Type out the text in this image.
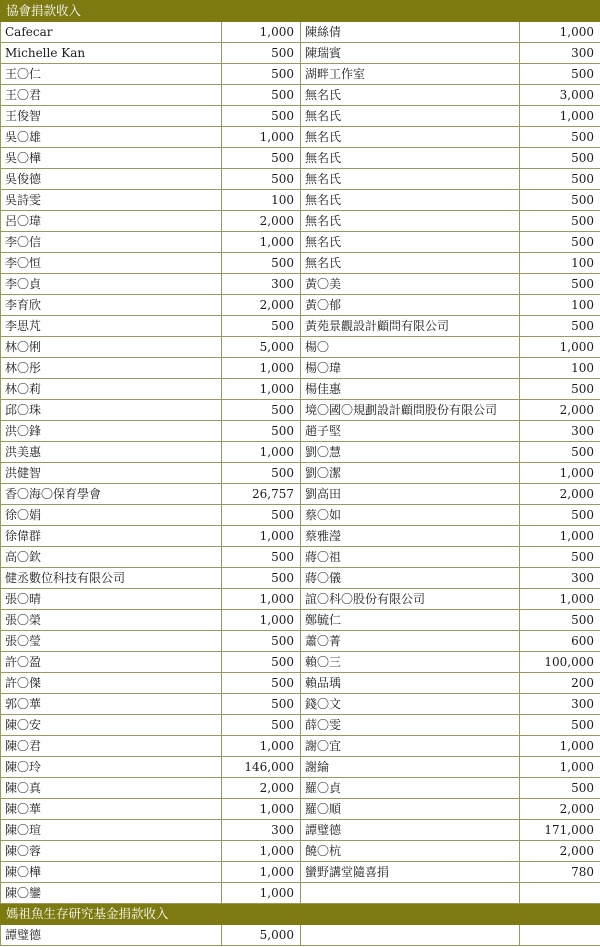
協會捐款收入			
Cafecar	1,000	陳絲倩	1,000
Michelle Kan	500	陳瑞賓	300
王〇仁	500	湖畔工作室	500
王〇君	500	無名氏	3,000
王俊智	500	無名氏	1,000
吳〇雄	1,000	無名氏	500
吳〇樺	500	無名氏	500
吳俊德	500	無名氏	500
吳詩雯	100	無名氏	500
呂〇瑋	2,000	無名氏	500
李〇信	1,000	無名氏	500
李〇恒	500	無名氏	100
李〇貞	300	黃〇美	500
李育欣	2,000	黃〇郁	100
李思芃	500	黃苑景觀設計顧問有限公司	500
林〇俐	5,000	楊〇	1,000
林〇彤	1,000	楊〇瑋	100
林〇莉	1,000	楊佳惠	500
邱〇珠	500	境〇國〇規劃設計顧問股份有限公司	2,000
洪〇鋒	500	趙子堅	300
洪美惠	1,000	劉〇慧	500
洪健智	500	劉〇潔	1,000
香〇海〇保育學會	26,757	劉高田	2,000
徐〇娟	500	蔡〇如	500
徐偉群	1,000	蔡雅瀅	1,000
高〇欽	500	蔣〇祖	500
健丞數位科技有限公司	500	蔣〇儀	300
張〇晴	1,000	誼〇科〇股份有限公司	1,000
張〇榮	1,000	鄭毓仁	500
張〇瑩	500	蕭〇菁	600
許〇盈	500	賴〇三	100,000
許〇傑	500	賴品瑀	200
郭〇華	500	錢〇文	300
陳〇安	500	薛〇雯	500
陳〇君	1,000	謝〇宜	1,000
陳〇玲	146,000	謝綸	1,000
陳〇真	2,000	羅〇貞	500
陳〇華	1,000	羅〇順	2,000
陳〇瑄	300	譚璧德	171,000
陳〇蓉	1,000	饒〇杭	2,000
陳〇樺	1,000	蠻野講堂隨喜捐	780
陳〇鑾	1,000		
媽祖魚生存研究基金捐款收入			
譚璧德	5,000		
